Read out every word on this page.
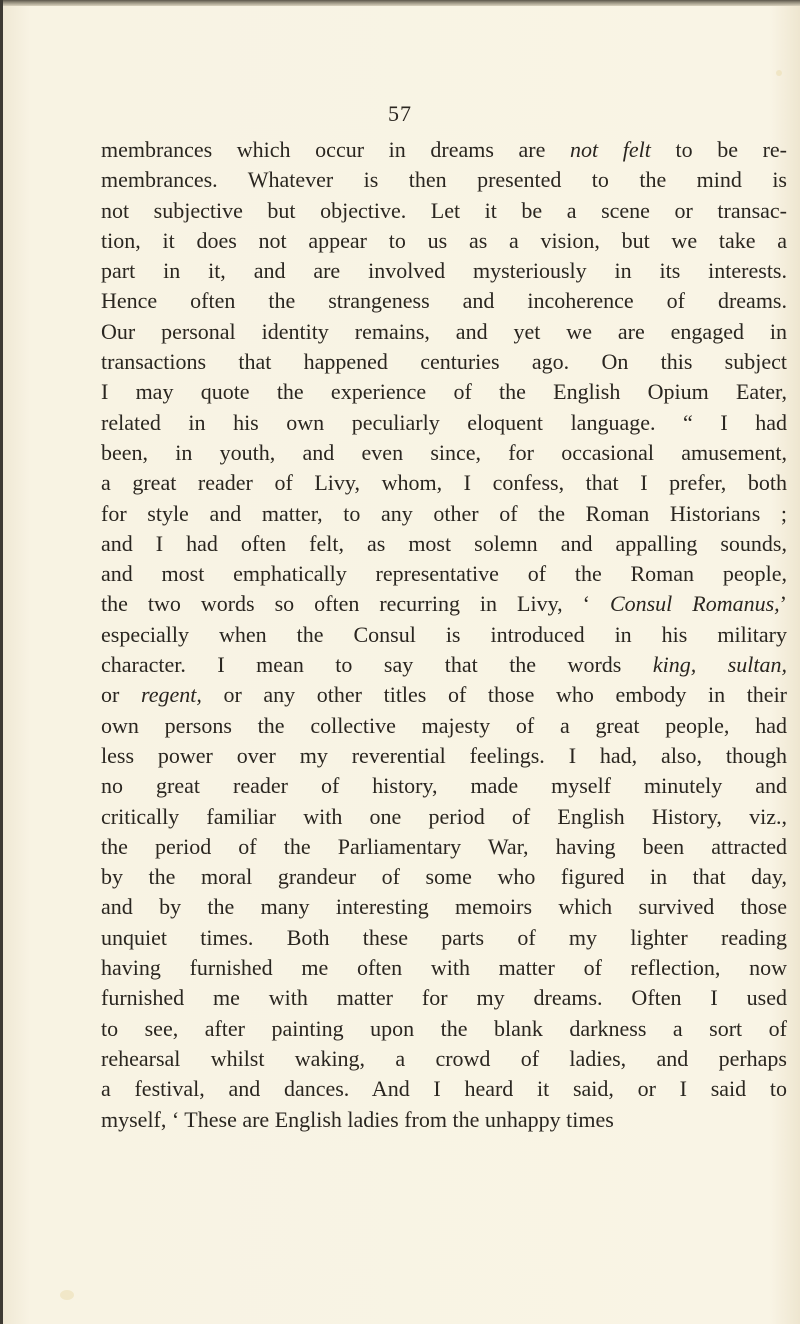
57
membrances which occur in dreams are not felt to be re-
membrances. Whatever is then presented to the mind is
not subjective but objective. Let it be a scene or transac-
tion, it does not appear to us as a vision, but we take a
part in it, and are involved mysteriously in its interests.
Hence often the strangeness and incoherence of dreams.
Our personal identity remains, and yet we are engaged in
transactions that happened centuries ago. On this subject
I may quote the experience of the English Opium Eater,
related in his own peculiarly eloquent language. “ I had
been, in youth, and even since, for occasional amusement,
a great reader of Livy, whom, I confess, that I prefer, both
for style and matter, to any other of the Roman Historians ;
and I had often felt, as most solemn and appalling sounds,
and most emphatically representative of the Roman people,
the two words so often recurring in Livy, ‘ Consul Romanus,’
especially when the Consul is introduced in his military
character. I mean to say that the words king, sultan,
or regent, or any other titles of those who embody in their
own persons the collective majesty of a great people, had
less power over my reverential feelings. I had, also, though
no great reader of history, made myself minutely and
critically familiar with one period of English History, viz.,
the period of the Parliamentary War, having been attracted
by the moral grandeur of some who figured in that day,
and by the many interesting memoirs which survived those
unquiet times. Both these parts of my lighter reading
having furnished me often with matter of reflection, now
furnished me with matter for my dreams. Often I used
to see, after painting upon the blank darkness a sort of
rehearsal whilst waking, a crowd of ladies, and perhaps
a festival, and dances. And I heard it said, or I said to
myself, ‘ These are English ladies from the unhappy times
